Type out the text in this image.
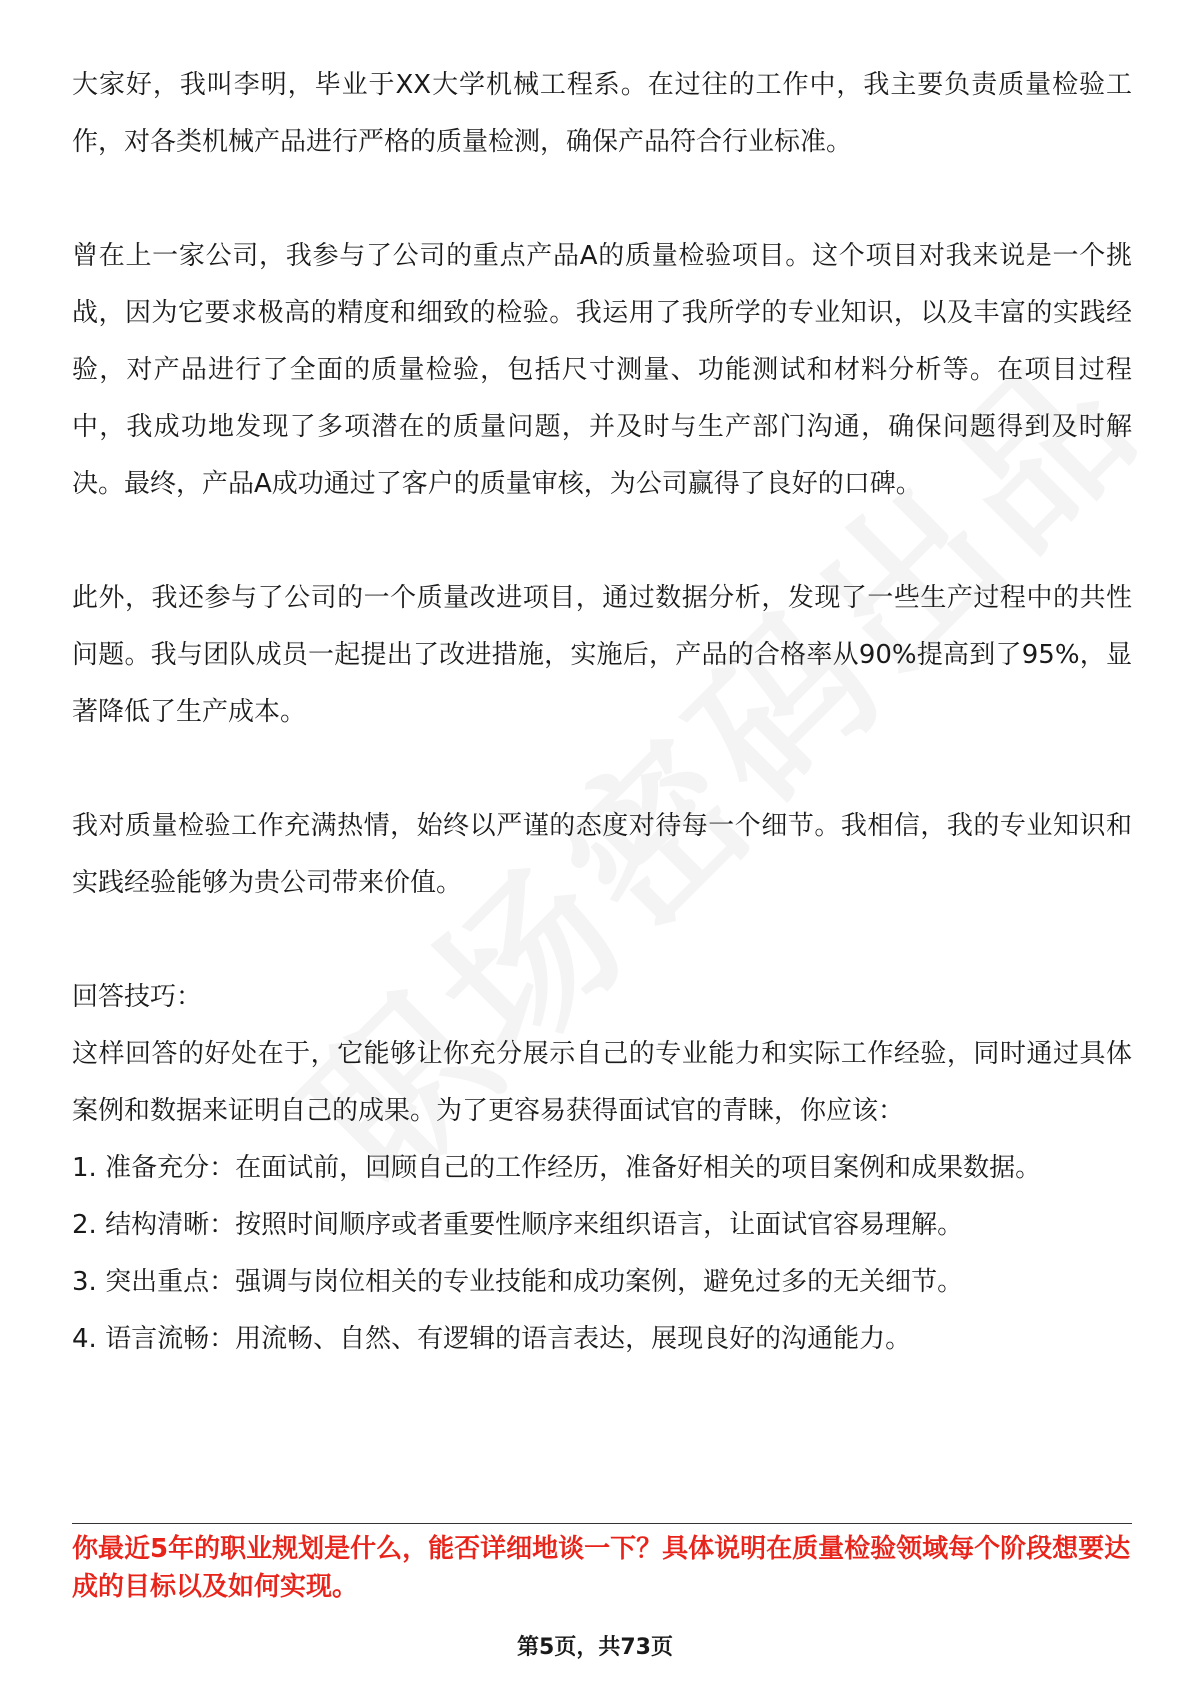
大家好，我叫李明，毕业于XX大学机械工程系。在过往的工作中，我主要负责质量检验工作，对各类机械产品进行严格的质量检测，确保产品符合行业标准。

曾在上一家公司，我参与了公司的重点产品A的质量检验项目。这个项目对我来说是一个挑战，因为它要求极高的精度和细致的检验。我运用了我所学的专业知识，以及丰富的实践经验，对产品进行了全面的质量检验，包括尺寸测量、功能测试和材料分析等。在项目过程中，我成功地发现了多项潜在的质量问题，并及时与生产部门沟通，确保问题得到及时解决。最终，产品A成功通过了客户的质量审核，为公司赢得了良好的口碑。

此外，我还参与了公司的一个质量改进项目，通过数据分析，发现了一些生产过程中的共性问题。我与团队成员一起提出了改进措施，实施后，产品的合格率从90%提高到了95%，显著降低了生产成本。

我对质量检验工作充满热情，始终以严谨的态度对待每一个细节。我相信，我的专业知识和实践经验能够为贵公司带来价值。

回答技巧：

这样回答的好处在于，它能够让你充分展示自己的专业能力和实际工作经验，同时通过具体案例和数据来证明自己的成果。为了更容易获得面试官的青睐，你应该：

1. 准备充分：在面试前，回顾自己的工作经历，准备好相关的项目案例和成果数据。
2. 结构清晰：按照时间顺序或者重要性顺序来组织语言，让面试官容易理解。
3. 突出重点：强调与岗位相关的专业技能和成功案例，避免过多的无关细节。
4. 语言流畅：用流畅、自然、有逻辑的语言表达，展现良好的沟通能力。
你最近5年的职业规划是什么，能否详细地谈一下？具体说明在质量检验领域每个阶段想要达成的目标以及如何实现。
第5页，共73页
